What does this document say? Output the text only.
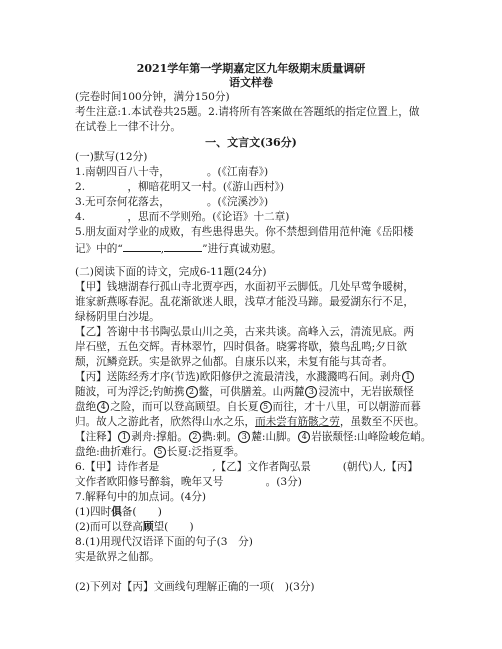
2021学年第一学期嘉定区九年级期末质量调研
语文样卷
(完卷时间100分钟，满分150分)
考生注意:1.本试卷共25题。2.请将所有答案做在答题纸的指定位置上，做
在试卷上一律不计分。
一、文言文(36分)
(一)默写(12分)
1.南朝四百八十寺，　　　　。(《江南春》)
2.　　　　，柳暗花明又一村。(《游山西村》)
3.无可奈何花落去，　　　　。(《浣溪沙》)
4.　　　　，思而不学则殆。(《论语》十二章)
5.朋友面对学业的成败，有些患得患失。你不禁想到借用范仲淹《岳阳楼
记》中的“	,	”进行真诚劝慰。
(二)阅读下面的诗文，完成6-11题(24分)
【甲】钱塘湖春行孤山寺北贾亭西，水面初平云脚低。几处早莺争暖树，
谁家新燕啄春泥。乱花渐欲迷人眼，浅草才能没马蹄。最爱湖东行不足，
绿杨阴里白沙堤。
【乙】答谢中书书陶弘景山川之美，古来共谈。高峰入云，清流见底。两
岸石壁，五色交辉。青林翠竹，四时俱备。晓雾将歇，猿鸟乱鸣;夕日欲
颓，沉鳞竞跃。实是欲界之仙都。自康乐以来，未复有能与其奇者。
【丙】送陈经秀才序(节选)欧阳修伊之流最清浅，水濺濺鸣石间。剥舟 1
随波，可为浮泛;钓鲂携 2 鳖，可供膳羞。山两麓 3 浸流中，无岩嵌颓怪
盘绝 4 之险，而可以登高顾望。自长夏 5 而往，才十八里，可以朝游而暮
归。故人之游此者，欣然得山水之乐，而未尝有筋骸之劳，虽数至不厌也。
【注释】 1 剥舟:撑船。 2 擕:刺。 3 麓:山脚。 4 岩嵌颓怪:山峰险峻危峭。
盘绝:曲折难行。 5 长夏:泛指夏季。
6.【甲】诗作者是　　　　　,【乙】文作者陶弘景　　　(朝代)人,【丙】
文作者欧阳修号醉翁，晚年又号　　　　。(3分)
7.解释句中的加点词。(4分)
(1)四时俱备(　　)
(2)而可以登高顾望(　　)
8.(1)用现代汉语译下面的句子(3　分)
实是欲界之仙都。
(2)下列对【丙】文画线句理解正确的一项(　)(3分)
